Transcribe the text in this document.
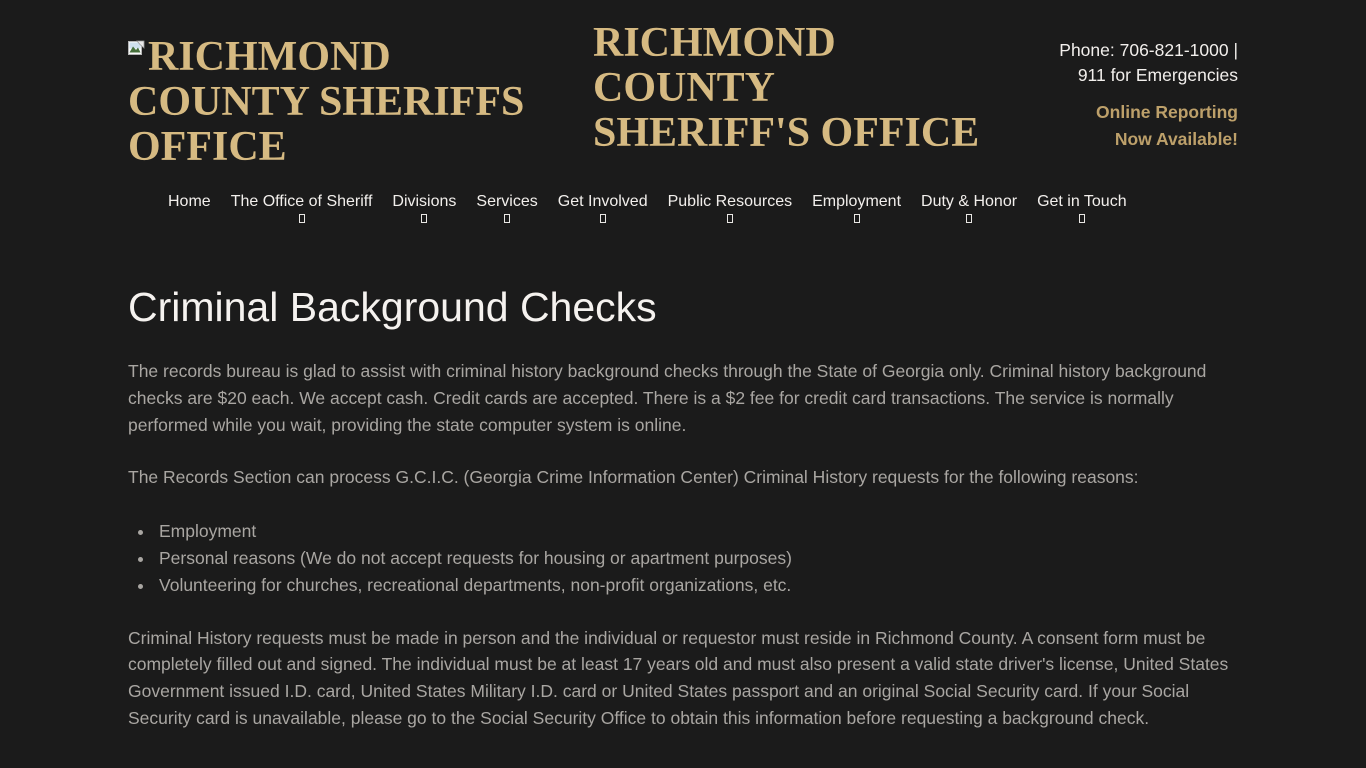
RICHMOND
COUNTY SHERIFFS
OFFICE
RICHMOND
COUNTY
SHERIFF'S OFFICE
Phone: 706-821-1000 |
911 for Emergencies
Online Reporting
Now Available!
Home The Office of Sheriff Divisions Services Get Involved Public Resources Employment Duty & Honor Get in Touch
Criminal Background Checks

The records bureau is glad to assist with criminal history background checks through the State of Georgia only. Criminal history background checks are $20 each. We accept cash. Credit cards are accepted. There is a $2 fee for credit card transactions. The service is normally performed while you wait, providing the state computer system is online.

The Records Section can process G.C.I.C. (Georgia Crime Information Center) Criminal History requests for the following reasons:

• Employment
• Personal reasons (We do not accept requests for housing or apartment purposes)
• Volunteering for churches, recreational departments, non-profit organizations, etc.

Criminal History requests must be made in person and the individual or requestor must reside in Richmond County. A consent form must be completely filled out and signed. The individual must be at least 17 years old and must also present a valid state driver's license, United States Government issued I.D. card, United States Military I.D. card or United States passport and an original Social Security card. If your Social Security card is unavailable, please go to the Social Security Office to obtain this information before requesting a background check.
